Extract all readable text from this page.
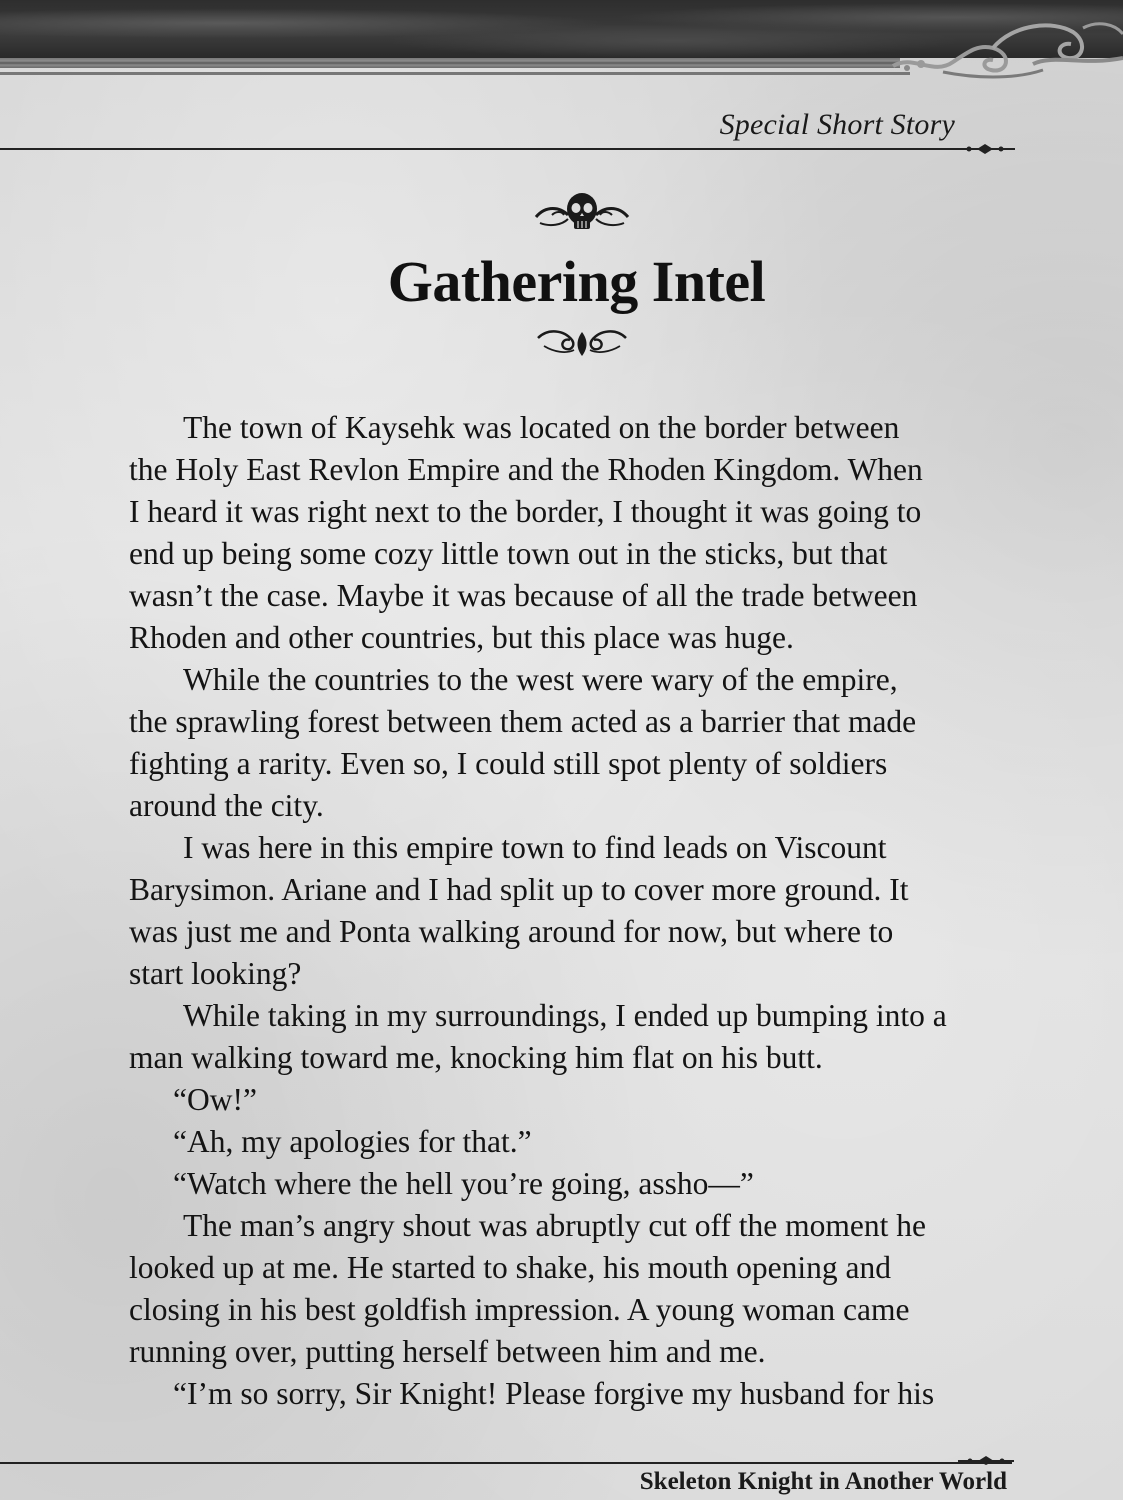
Special Short Story
Gathering Intel

The town of Kaysehk was located on the border between
the Holy East Revlon Empire and the Rhoden Kingdom. When
I heard it was right next to the border, I thought it was going to
end up being some cozy little town out in the sticks, but that
wasn’t the case. Maybe it was because of all the trade between
Rhoden and other countries, but this place was huge.

While the countries to the west were wary of the empire,
the sprawling forest between them acted as a barrier that made
fighting a rarity. Even so, I could still spot plenty of soldiers
around the city.

I was here in this empire town to find leads on Viscount
Barysimon. Ariane and I had split up to cover more ground. It
was just me and Ponta walking around for now, but where to
start looking?

While taking in my surroundings, I ended up bumping into a
man walking toward me, knocking him flat on his butt.

“Ow!”

“Ah, my apologies for that.”

“Watch where the hell you’re going, assho—”

The man’s angry shout was abruptly cut off the moment he
looked up at me. He started to shake, his mouth opening and
closing in his best goldfish impression. A young woman came
running over, putting herself between him and me.

“I’m so sorry, Sir Knight! Please forgive my husband for his

Skeleton Knight in Another World
